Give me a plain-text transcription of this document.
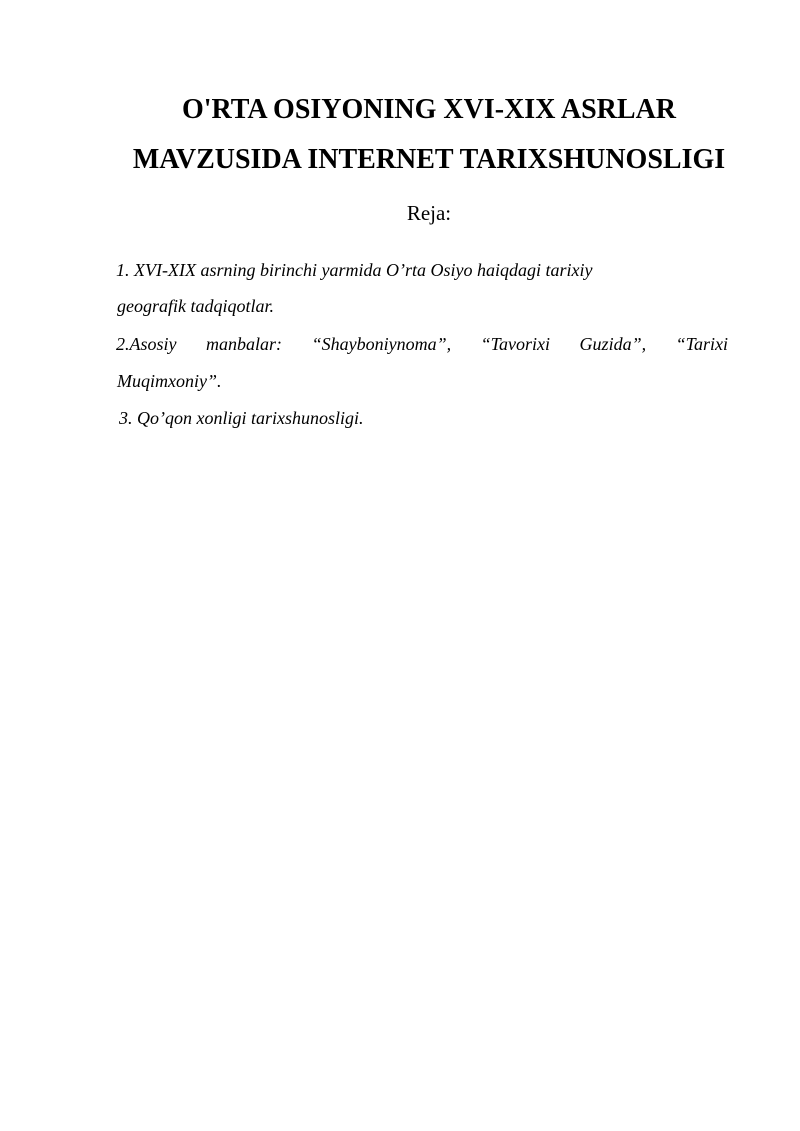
O'RTA OSIYONING XVI-XIX ASRLAR
MAVZUSIDA INTERNET TARIXSHUNOSLIGI
Reja:
1. XVI-XIX asrning birinchi yarmida O’rta Osiyo haiqdagi tarixiy
geografik tadqiqotlar.
2.Asosiy manbalar: “Shayboniynoma”, “Tavorixi Guzida”, “Tarixi
Muqimxoniy”.
3. Qo’qon xonligi tarixshunosligi.
